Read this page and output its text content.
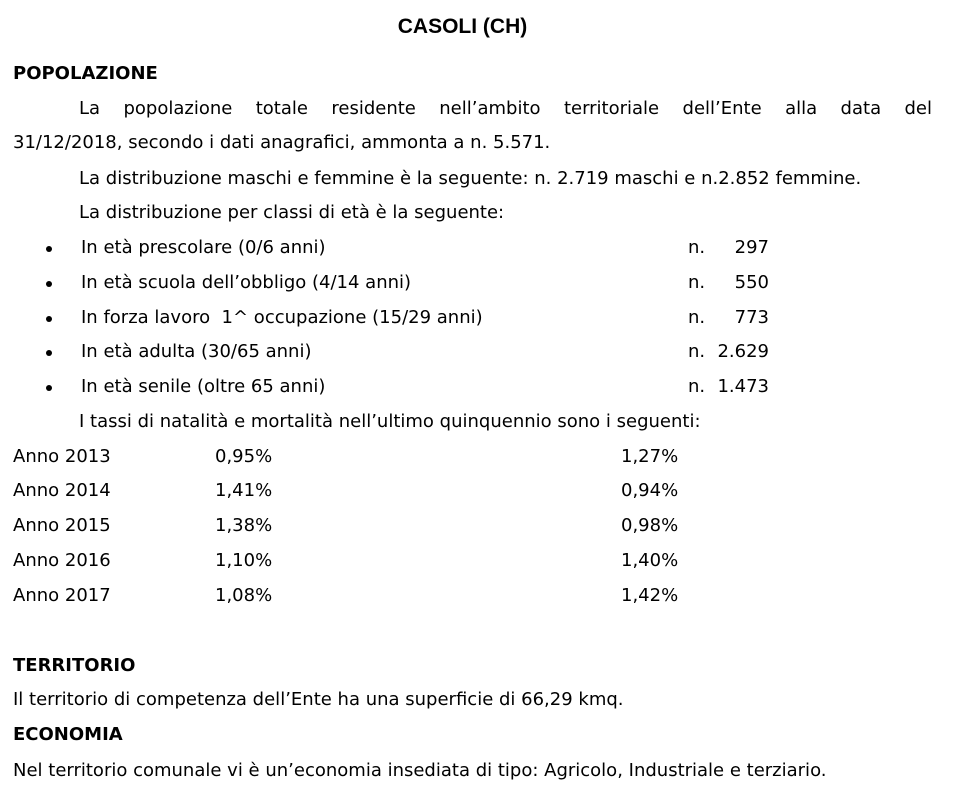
CASOLI (CH)
POPOLAZIONE
La popolazione totale residente nell’ambito territoriale dell’Ente alla data del
31/12/2018, secondo i dati anagrafici, ammonta a n. 5.571.
La distribuzione maschi e femmine è la seguente: n. 2.719 maschi e n.2.852 femmine.
La distribuzione per classi di età è la seguente:
In età prescolare (0/6 anni)	n. 297
In età scuola dell’obbligo (4/14 anni)	n. 550
In forza lavoro  1^ occupazione (15/29 anni)	n. 773
In età adulta (30/65 anni)	n. 2.629
In età senile (oltre 65 anni)	n. 1.473
I tassi di natalità e mortalità nell’ultimo quinquennio sono i seguenti:
Anno 2013	0,95%	1,27%
Anno 2014	1,41%	0,94%
Anno 2015	1,38%	0,98%
Anno 2016	1,10%	1,40%
Anno 2017	1,08%	1,42%
TERRITORIO
Il territorio di competenza dell’Ente ha una superficie di 66,29 kmq.
ECONOMIA
Nel territorio comunale vi è un’economia insediata di tipo: Agricolo, Industriale e terziario.
